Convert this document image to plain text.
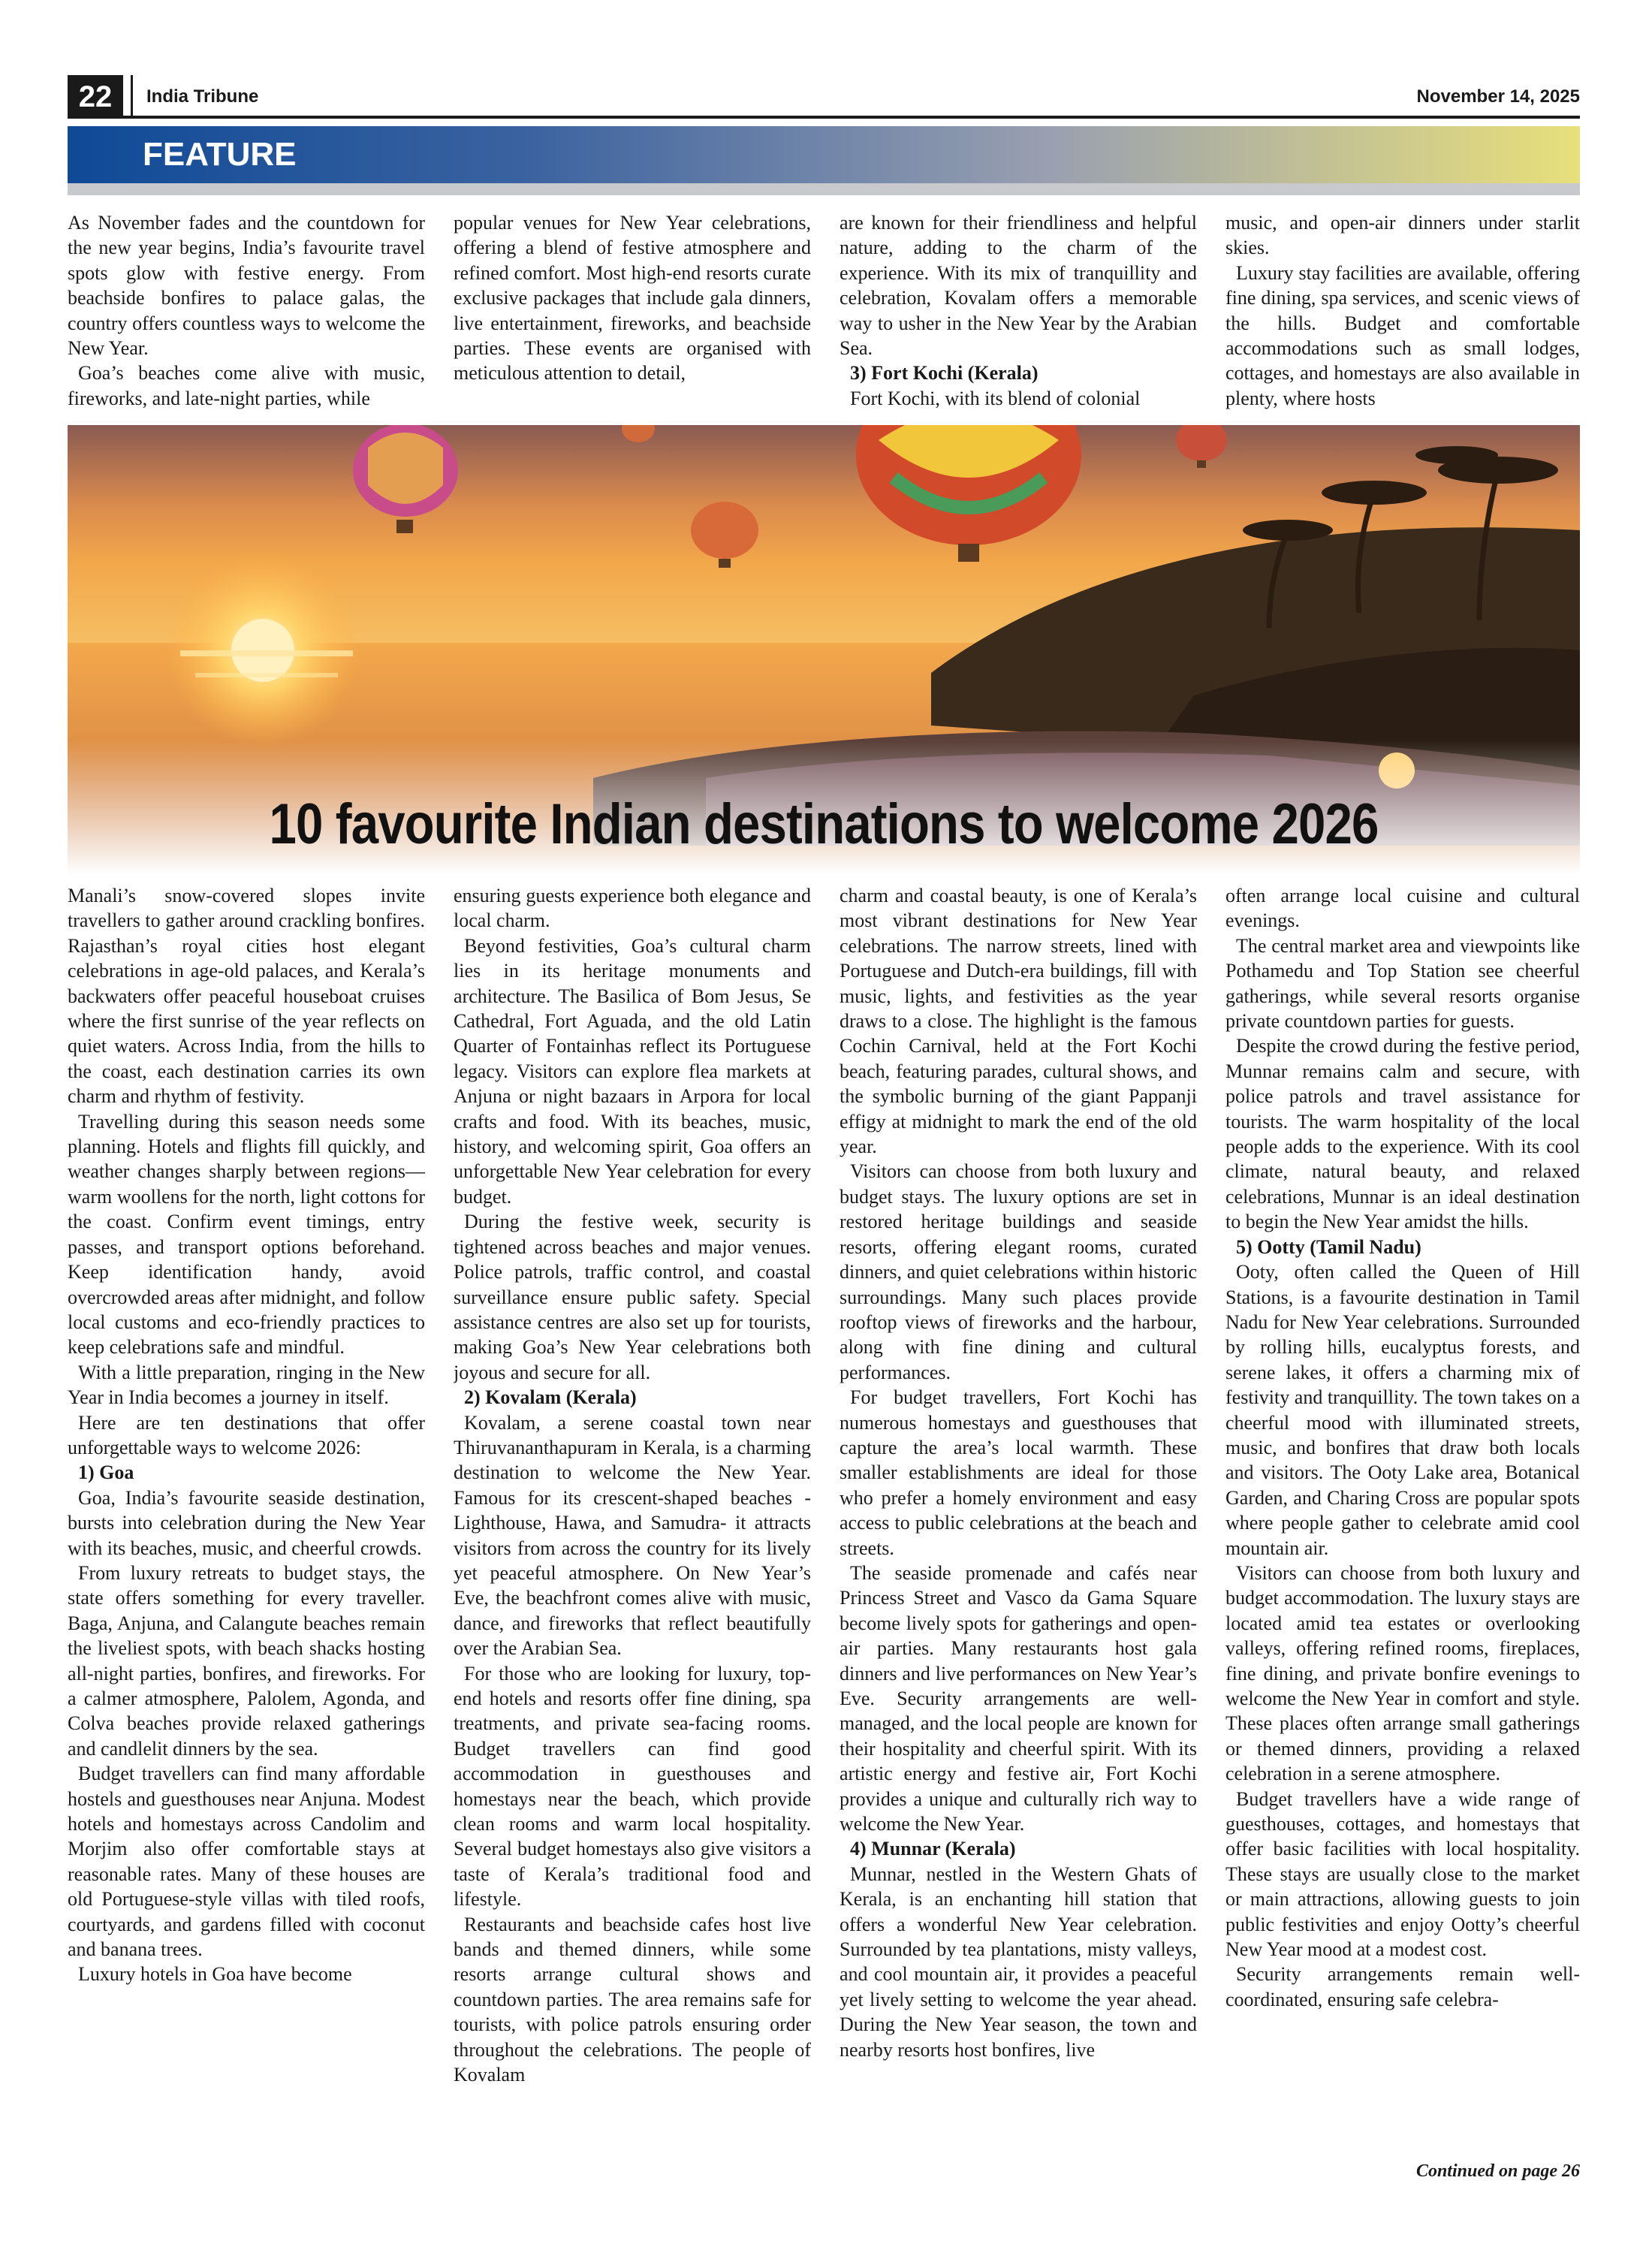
22	India Tribune	November 14, 2025
FEATURE

As November fades and the countdown for the new year begins, India’s favourite travel spots glow with festive energy. From beachside bonfires to palace galas, the country offers countless ways to welcome the New Year.

Goa’s beaches come alive with music, fireworks, and late-night parties, while

popular venues for New Year celebrations, offering a blend of festive atmosphere and refined comfort. Most high-end resorts curate exclusive packages that include gala dinners, live entertainment, fireworks, and beachside parties. These events are organised with meticulous attention to detail,

are known for their friendliness and helpful nature, adding to the charm of the experience. With its mix of tranquillity and celebration, Kovalam offers a memorable way to usher in the New Year by the Arabian Sea.

3) Fort Kochi (Kerala)

Fort Kochi, with its blend of colonial

music, and open-air dinners under starlit skies.

Luxury stay facilities are available, offering fine dining, spa services, and scenic views of the hills. Budget and comfortable accommodations such as small lodges, cottages, and homestays are also available in plenty, where hosts

10 favourite Indian destinations to welcome 2026

Manali’s snow-covered slopes invite travellers to gather around crackling bonfires. Rajasthan’s royal cities host elegant celebrations in age-old palaces, and Kerala’s backwaters offer peaceful houseboat cruises where the first sunrise of the year reflects on quiet waters. Across India, from the hills to the coast, each destination carries its own charm and rhythm of festivity.

Travelling during this season needs some planning. Hotels and flights fill quickly, and weather changes sharply between regions—warm woollens for the north, light cottons for the coast. Confirm event timings, entry passes, and transport options beforehand. Keep identification handy, avoid overcrowded areas after midnight, and follow local customs and eco-friendly practices to keep celebrations safe and mindful.

With a little preparation, ringing in the New Year in India becomes a journey in itself.

Here are ten destinations that offer unforgettable ways to welcome 2026:

1) Goa

Goa, India’s favourite seaside destination, bursts into celebration during the New Year with its beaches, music, and cheerful crowds.

From luxury retreats to budget stays, the state offers something for every traveller. Baga, Anjuna, and Calangute beaches remain the liveliest spots, with beach shacks hosting all-night parties, bonfires, and fireworks. For a calmer atmosphere, Palolem, Agonda, and Colva beaches provide relaxed gatherings and candlelit dinners by the sea.

Budget travellers can find many affordable hostels and guesthouses near Anjuna. Modest hotels and homestays across Candolim and Morjim also offer comfortable stays at reasonable rates. Many of these houses are old Portuguese-style villas with tiled roofs, courtyards, and gardens filled with coconut and banana trees.

Luxury hotels in Goa have become

ensuring guests experience both elegance and local charm.

Beyond festivities, Goa’s cultural charm lies in its heritage monuments and architecture. The Basilica of Bom Jesus, Se Cathedral, Fort Aguada, and the old Latin Quarter of Fontainhas reflect its Portuguese legacy. Visitors can explore flea markets at Anjuna or night bazaars in Arpora for local crafts and food. With its beaches, music, history, and welcoming spirit, Goa offers an unforgettable New Year celebration for every budget.

During the festive week, security is tightened across beaches and major venues. Police patrols, traffic control, and coastal surveillance ensure public safety. Special assistance centres are also set up for tourists, making Goa’s New Year celebrations both joyous and secure for all.

2) Kovalam (Kerala)

Kovalam, a serene coastal town near Thiruvananthapuram in Kerala, is a charming destination to welcome the New Year. Famous for its crescent-shaped beaches - Lighthouse, Hawa, and Samudra- it attracts visitors from across the country for its lively yet peaceful atmosphere. On New Year’s Eve, the beachfront comes alive with music, dance, and fireworks that reflect beautifully over the Arabian Sea.

For those who are looking for luxury, top-end hotels and resorts offer fine dining, spa treatments, and private sea-facing rooms. Budget travellers can find good accommodation in guesthouses and homestays near the beach, which provide clean rooms and warm local hospitality. Several budget homestays also give visitors a taste of Kerala’s traditional food and lifestyle.

Restaurants and beachside cafes host live bands and themed dinners, while some resorts arrange cultural shows and countdown parties. The area remains safe for tourists, with police patrols ensuring order throughout the celebrations. The people of Kovalam

charm and coastal beauty, is one of Kerala’s most vibrant destinations for New Year celebrations. The narrow streets, lined with Portuguese and Dutch-era buildings, fill with music, lights, and festivities as the year draws to a close. The highlight is the famous Cochin Carnival, held at the Fort Kochi beach, featuring parades, cultural shows, and the symbolic burning of the giant Pappanji effigy at midnight to mark the end of the old year.

Visitors can choose from both luxury and budget stays. The luxury options are set in restored heritage buildings and seaside resorts, offering elegant rooms, curated dinners, and quiet celebrations within historic surroundings. Many such places provide rooftop views of fireworks and the harbour, along with fine dining and cultural performances.

For budget travellers, Fort Kochi has numerous homestays and guesthouses that capture the area’s local warmth. These smaller establishments are ideal for those who prefer a homely environment and easy access to public celebrations at the beach and streets.

The seaside promenade and cafés near Princess Street and Vasco da Gama Square become lively spots for gatherings and open-air parties. Many restaurants host gala dinners and live performances on New Year’s Eve. Security arrangements are well-managed, and the local people are known for their hospitality and cheerful spirit. With its artistic energy and festive air, Fort Kochi provides a unique and culturally rich way to welcome the New Year.

4) Munnar (Kerala)

Munnar, nestled in the Western Ghats of Kerala, is an enchanting hill station that offers a wonderful New Year celebration. Surrounded by tea plantations, misty valleys, and cool mountain air, it provides a peaceful yet lively setting to welcome the year ahead. During the New Year season, the town and nearby resorts host bonfires, live

often arrange local cuisine and cultural evenings.

The central market area and viewpoints like Pothamedu and Top Station see cheerful gatherings, while several resorts organise private countdown parties for guests.

Despite the crowd during the festive period, Munnar remains calm and secure, with police patrols and travel assistance for tourists. The warm hospitality of the local people adds to the experience. With its cool climate, natural beauty, and relaxed celebrations, Munnar is an ideal destination to begin the New Year amidst the hills.

5) Ootty (Tamil Nadu)

Ooty, often called the Queen of Hill Stations, is a favourite destination in Tamil Nadu for New Year celebrations. Surrounded by rolling hills, eucalyptus forests, and serene lakes, it offers a charming mix of festivity and tranquillity. The town takes on a cheerful mood with illuminated streets, music, and bonfires that draw both locals and visitors. The Ooty Lake area, Botanical Garden, and Charing Cross are popular spots where people gather to celebrate amid cool mountain air.

Visitors can choose from both luxury and budget accommodation. The luxury stays are located amid tea estates or overlooking valleys, offering refined rooms, fireplaces, fine dining, and private bonfire evenings to welcome the New Year in comfort and style. These places often arrange small gatherings or themed dinners, providing a relaxed celebration in a serene atmosphere.

Budget travellers have a wide range of guesthouses, cottages, and homestays that offer basic facilities with local hospitality. These stays are usually close to the market or main attractions, allowing guests to join public festivities and enjoy Ootty’s cheerful New Year mood at a modest cost.

Security arrangements remain well-coordinated, ensuring safe celebra-

Continued on page 26
